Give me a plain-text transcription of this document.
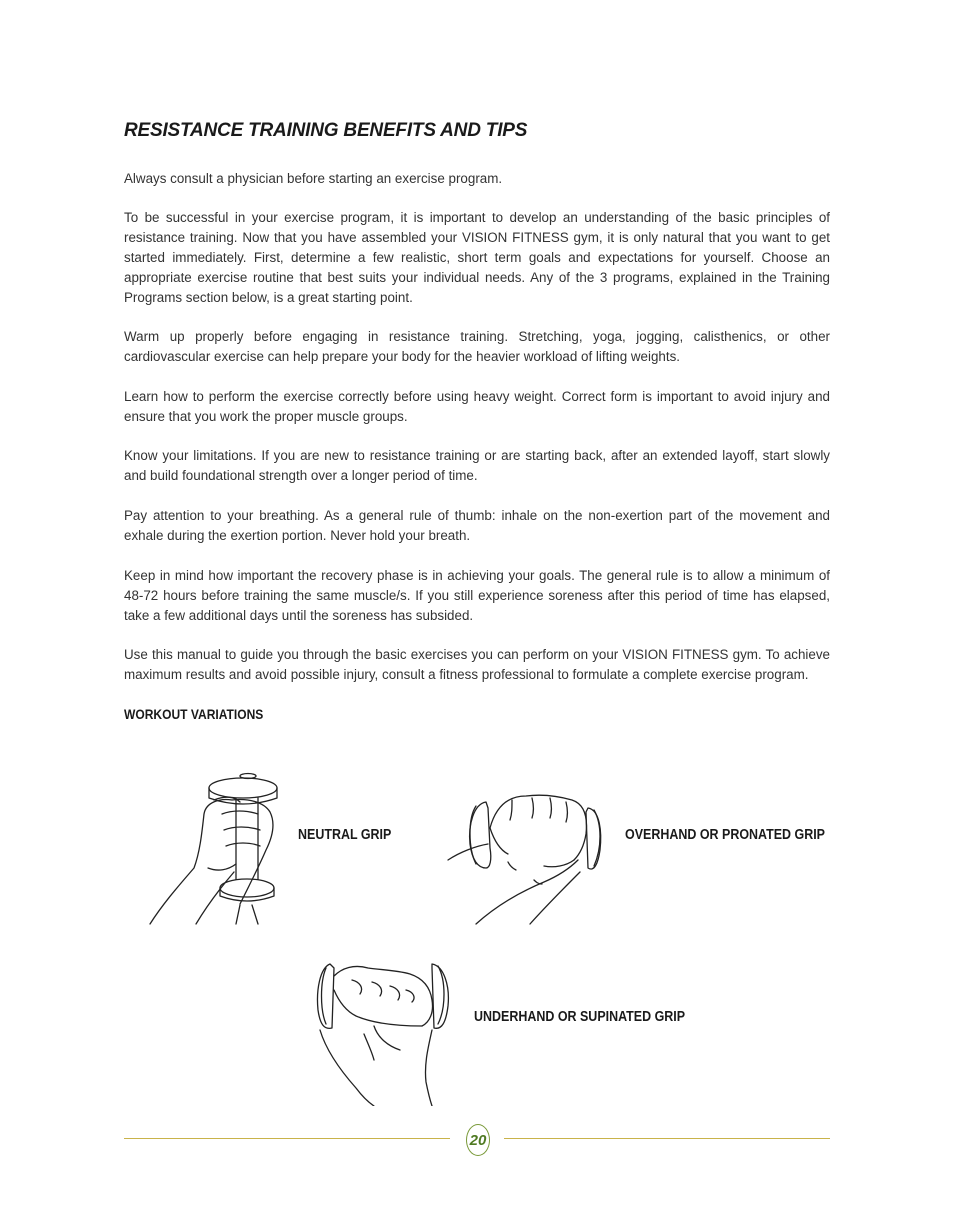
RESISTANCE TRAINING BENEFITS AND TIPS

Always consult a physician before starting an exercise program.

To be successful in your exercise program, it is important to develop an understanding of the basic principles of resistance training. Now that you have assembled your VISION FITNESS gym, it is only natural that you want to get started immediately. First, determine a few realistic, short term goals and expectations for yourself. Choose an appropriate exercise routine that best suits your individual needs. Any of the 3 programs, explained in the Training Programs section below, is a great starting point.

Warm up properly before engaging in resistance training. Stretching, yoga, jogging, calisthenics, or other cardiovascular exercise can help prepare your body for the heavier workload of lifting weights.

Learn how to perform the exercise correctly before using heavy weight. Correct form is important to avoid injury and ensure that you work the proper muscle groups.

Know your limitations. If you are new to resistance training or are starting back, after an extended layoff, start slowly and build foundational strength over a longer period of time.

Pay attention to your breathing. As a general rule of thumb: inhale on the non-exertion part of the movement and exhale during the exertion portion. Never hold your breath.

Keep in mind how important the recovery phase is in achieving your goals. The general rule is to allow a minimum of 48-72 hours before training the same muscle/s. If you still experience soreness after this period of time has elapsed, take a few additional days until the soreness has subsided.

Use this manual to guide you through the basic exercises you can perform on your VISION FITNESS gym. To achieve maximum results and avoid possible injury, consult a fitness professional to formulate a complete exercise program.

WORKOUT VARIATIONS

NEUTRAL GRIP	OVERHAND OR PRONATED GRIP

UNDERHAND OR SUPINATED GRIP

20
